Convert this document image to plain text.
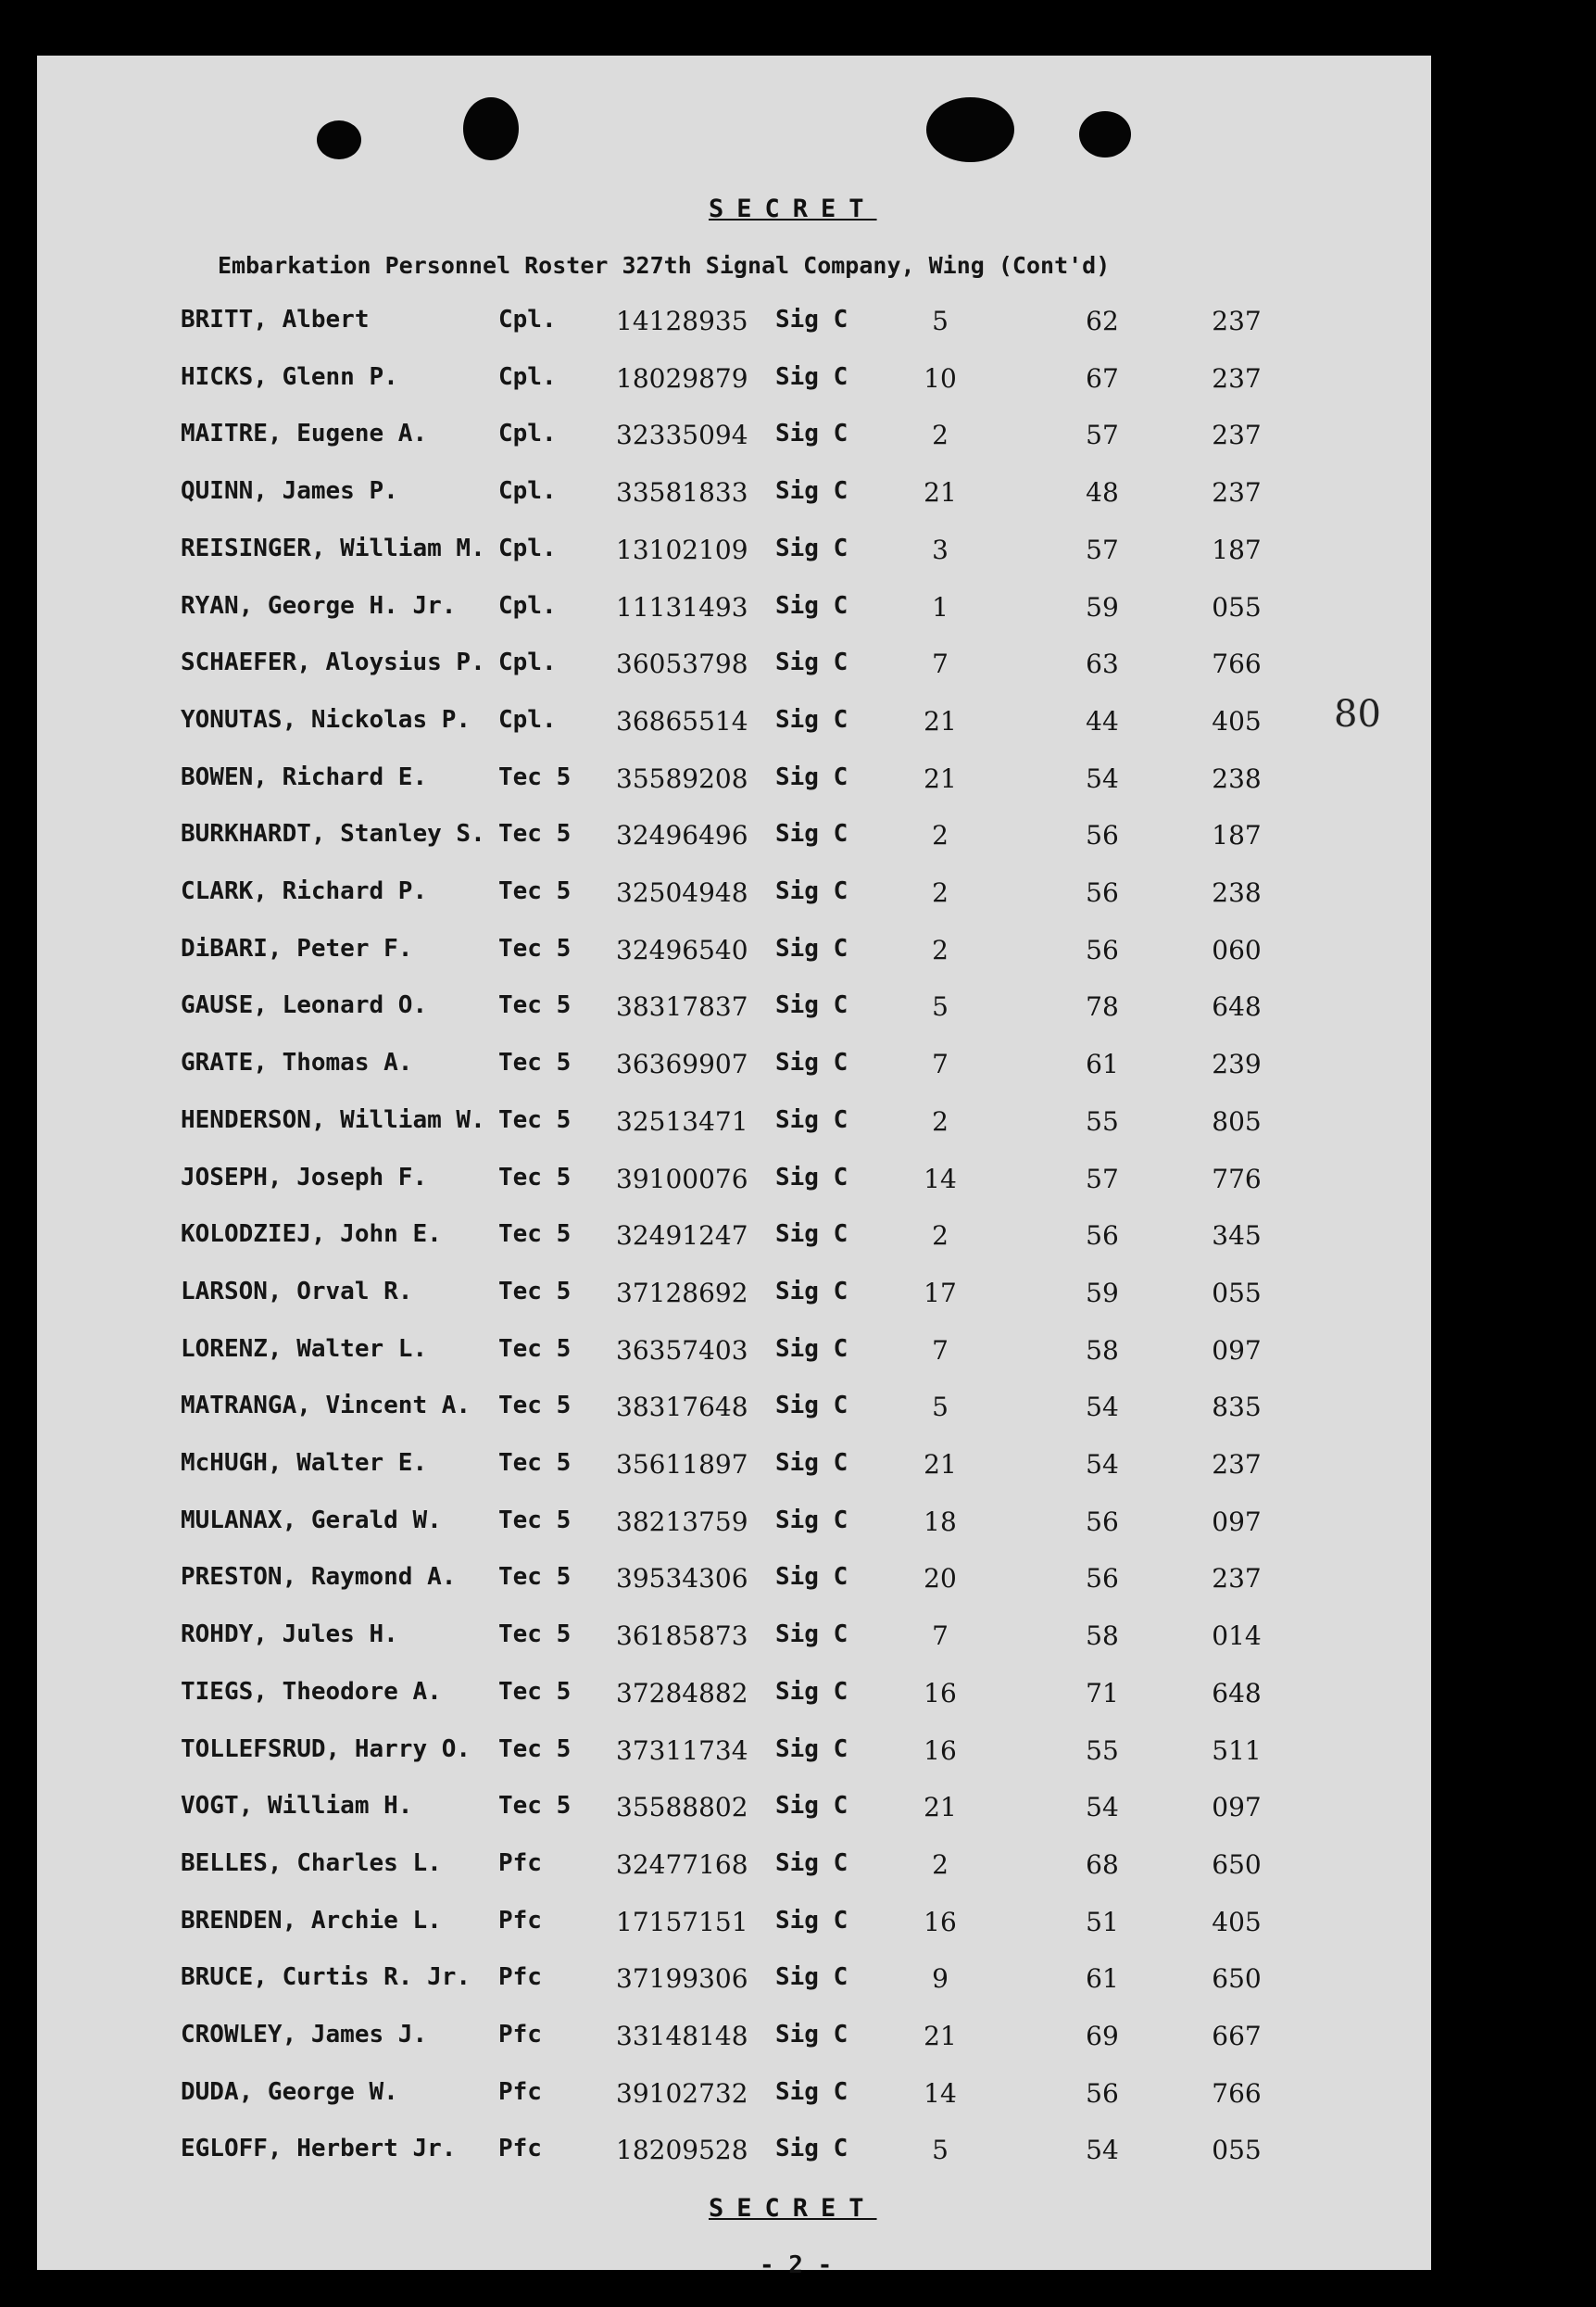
SECRET
Embarkation Personnel Roster 327th Signal Company, Wing (Cont'd)
80
BRITT, Albert	Cpl. 14128935 Sig C	5	62	237
HICKS, Glenn P.	Cpl. 18029879 Sig C	10	67	237
MAITRE, Eugene A.	Cpl. 32335094 Sig C	2	57	237
QUINN, James P.	Cpl. 33581833 Sig C	21	48	237
REISINGER, William M. Cpl. 13102109 Sig C	3	57	187
RYAN, George H. Jr. Cpl. 11131493 Sig C	1	59	055
SCHAEFER, Aloysius P. Cpl. 36053798 Sig C	7	63	766
YONUTAS, Nickolas P. Cpl. 36865514 Sig C	21	44	405
BOWEN, Richard E.	Tec 5 35589208 Sig C	21	54	238
BURKHARDT, Stanley S. Tec 5 32496496 Sig C	2	56	187
CLARK, Richard P.	Tec 5 32504948 Sig C	2	56	238
DiBARI, Peter F.	Tec 5 32496540 Sig C	2	56	060
GAUSE, Leonard O.	Tec 5 38317837 Sig C	5	78	648
GRATE, Thomas A.	Tec 5 36369907 Sig C	7	61	239
HENDERSON, William W. Tec 5 32513471 Sig C	2	55	805
JOSEPH, Joseph F.	Tec 5 39100076 Sig C	14	57	776
KOLODZIEJ, John E. Tec 5 32491247 Sig C	2	56	345
LARSON, Orval R.	Tec 5 37128692 Sig C	17	59	055
LORENZ, Walter L.	Tec 5 36357403 Sig C	7	58	097
MATRANGA, Vincent A. Tec 5 38317648 Sig C	5	54	835
McHUGH, Walter E.	Tec 5 35611897 Sig C	21	54	237
MULANAX, Gerald W. Tec 5 38213759 Sig C	18	56	097
PRESTON, Raymond A. Tec 5 39534306 Sig C	20	56	237
ROHDY, Jules H.	Tec 5 36185873 Sig C	7	58	014
TIEGS, Theodore A. Tec 5 37284882 Sig C	16	71	648
TOLLEFSRUD, Harry O. Tec 5 37311734 Sig C	16	55	511
VOGT, William H.	Tec 5 35588802 Sig C	21	54	097
BELLES, Charles L. Pfc	32477168 Sig C	2	68	650
BRENDEN, Archie L. Pfc	17157151 Sig C	16	51	405
BRUCE, Curtis R. Jr. Pfc	37199306 Sig C	9	61	650
CROWLEY, James J.	Pfc	33148148 Sig C	21	69	667
DUDA, George W.	Pfc	39102732 Sig C	14	56	766
EGLOFF, Herbert Jr. Pfc	18209528 Sig C	5	54	055
SECRET
- 2 -
